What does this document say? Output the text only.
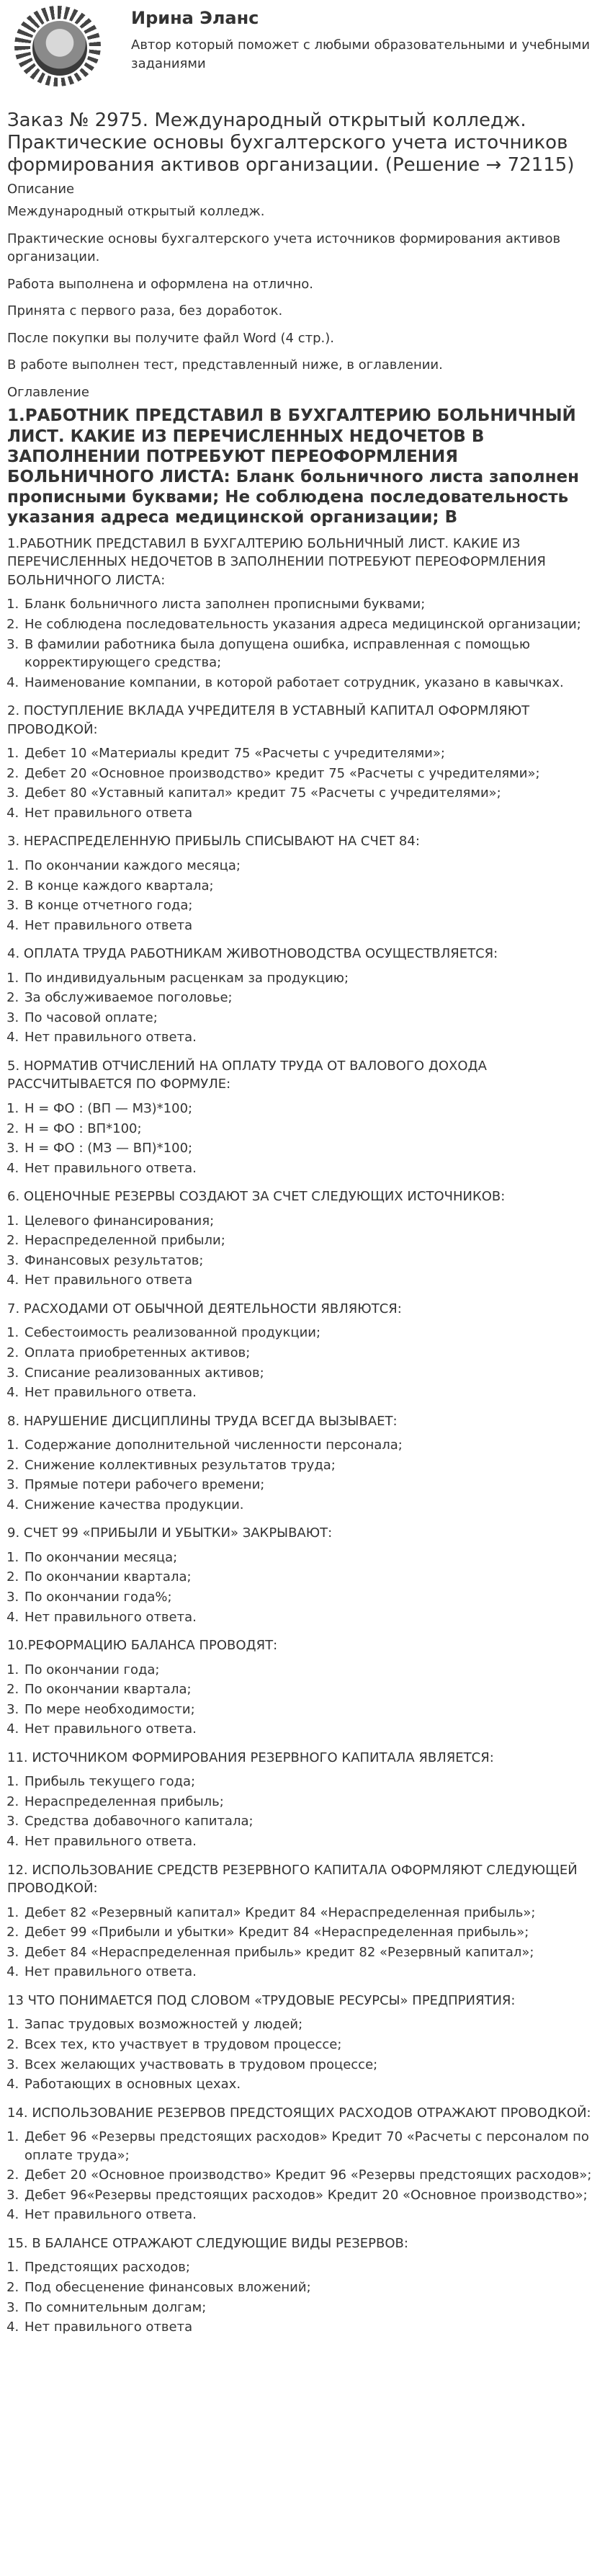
Ирина Эланс

Автор который поможет с любыми образовательными и учебными заданиями

Заказ № 2975. Международный открытый колледж. Практические основы бухгалтерского учета источников формирования активов организации. (Решение → 72115)
Описание

Международный открытый колледж.

Практические основы бухгалтерского учета источников формирования активов организации.

Работа выполнена и оформлена на отлично.

Принята с первого раза, без доработок.

После покупки вы получите файл Word (4 стр.).

В работе выполнен тест, представленный ниже, в оглавлении.

Оглавление
1.РАБОТНИК ПРЕДСТАВИЛ В БУХГАЛТЕРИЮ БОЛЬНИЧНЫЙ ЛИСТ. КАКИЕ ИЗ ПЕРЕЧИСЛЕННЫХ НЕДОЧЕТОВ В ЗАПОЛНЕНИИ ПОТРЕБУЮТ ПЕРЕОФОРМЛЕНИЯ БОЛЬНИЧНОГО ЛИСТА: Бланк больничного листа заполнен прописными буквами; Не соблюдена последовательность указания адреса медицинской организации; В

1.РАБОТНИК ПРЕДСТАВИЛ В БУХГАЛТЕРИЮ БОЛЬНИЧНЫЙ ЛИСТ. КАКИЕ ИЗ ПЕРЕЧИСЛЕННЫХ НЕДОЧЕТОВ В ЗАПОЛНЕНИИ ПОТРЕБУЮТ ПЕРЕОФОРМЛЕНИЯ БОЛЬНИЧНОГО ЛИСТА:

1. Бланк больничного листа заполнен прописными буквами;
2. Не соблюдена последовательность указания адреса медицинской организации;
3. В фамилии работника была допущена ошибка, исправленная с помощью корректирующего средства;
4. Наименование компании, в которой работает сотрудник, указано в кавычках.

2. ПОСТУПЛЕНИЕ ВКЛАДА УЧРЕДИТЕЛЯ В УСТАВНЫЙ КАПИТАЛ ОФОРМЛЯЮТ ПРОВОДКОЙ:

1. Дебет 10 «Материалы кредит 75 «Расчеты с учредителями»;
2. Дебет 20 «Основное производство» кредит 75 «Расчеты с учредителями»;
3. Дебет 80 «Уставный капитал» кредит 75 «Расчеты с учредителями»;
4. Нет правильного ответа

3. НЕРАСПРЕДЕЛЕННУЮ ПРИБЫЛЬ СПИСЫВАЮТ НА СЧЕТ 84:

1. По окончании каждого месяца;
2. В конце каждого квартала;
3. В конце отчетного года;
4. Нет правильного ответа

4. ОПЛАТА ТРУДА РАБОТНИКАМ ЖИВОТНОВОДСТВА ОСУЩЕСТВЛЯЕТСЯ:

1. По индивидуальным расценкам за продукцию;
2. За обслуживаемое поголовье;
3. По часовой оплате;
4. Нет правильного ответа.

5. НОРМАТИВ ОТЧИСЛЕНИЙ НА ОПЛАТУ ТРУДА ОТ ВАЛОВОГО ДОХОДА РАССЧИТЫВАЕТСЯ ПО ФОРМУЛЕ:

1. Н = ФО : (ВП — МЗ)*100;
2. Н = ФО : ВП*100;
3. Н = ФО : (МЗ — ВП)*100;
4. Нет правильного ответа.

6. ОЦЕНОЧНЫЕ РЕЗЕРВЫ СОЗДАЮТ ЗА СЧЕТ СЛЕДУЮЩИХ ИСТОЧНИКОВ:

1. Целевого финансирования;
2. Нераспределенной прибыли;
3. Финансовых результатов;
4. Нет правильного ответа

7. РАСХОДАМИ ОТ ОБЫЧНОЙ ДЕЯТЕЛЬНОСТИ ЯВЛЯЮТСЯ:

1. Себестоимость реализованной продукции;
2. Оплата приобретенных активов;
3. Списание реализованных активов;
4. Нет правильного ответа.

8. НАРУШЕНИЕ ДИСЦИПЛИНЫ ТРУДА ВСЕГДА ВЫЗЫВАЕТ:

1. Содержание дополнительной численности персонала;
2. Снижение коллективных результатов труда;
3. Прямые потери рабочего времени;
4. Снижение качества продукции.

9. СЧЕТ 99 «ПРИБЫЛИ И УБЫТКИ» ЗАКРЫВАЮТ:

1. По окончании месяца;
2. По окончании квартала;
3. По окончании года%;
4. Нет правильного ответа.

10.РЕФОРМАЦИЮ БАЛАНСА ПРОВОДЯТ:

1. По окончании года;
2. По окончании квартала;
3. По мере необходимости;
4. Нет правильного ответа.

11. ИСТОЧНИКОМ ФОРМИРОВАНИЯ РЕЗЕРВНОГО КАПИТАЛА ЯВЛЯЕТСЯ:

1. Прибыль текущего года;
2. Нераспределенная прибыль;
3. Средства добавочного капитала;
4. Нет правильного ответа.

12. ИСПОЛЬЗОВАНИЕ СРЕДСТВ РЕЗЕРВНОГО КАПИТАЛА ОФОРМЛЯЮТ СЛЕДУЮЩЕЙ ПРОВОДКОЙ:

1. Дебет 82 «Резервный капитал» Кредит 84 «Нераспределенная прибыль»;
2. Дебет 99 «Прибыли и убытки» Кредит 84 «Нераспределенная прибыль»;
3. Дебет 84 «Нераспределенная прибыль» кредит 82 «Резервный капитал»;
4. Нет правильного ответа.

13 ЧТО ПОНИМАЕТСЯ ПОД СЛОВОМ «ТРУДОВЫЕ РЕСУРСЫ» ПРЕДПРИЯТИЯ:

1. Запас трудовых возможностей у людей;
2. Всех тех, кто участвует в трудовом процессе;
3. Всех желающих участвовать в трудовом процессе;
4. Работающих в основных цехах.

14. ИСПОЛЬЗОВАНИЕ РЕЗЕРВОВ ПРЕДСТОЯЩИХ РАСХОДОВ ОТРАЖАЮТ ПРОВОДКОЙ:

1. Дебет 96 «Резервы предстоящих расходов» Кредит 70 «Расчеты с персоналом по оплате труда»;
2. Дебет 20 «Основное производство» Кредит 96 «Резервы предстоящих расходов»;
3. Дебет 96«Резервы предстоящих расходов» Кредит 20 «Основное производство»;
4. Нет правильного ответа.

15. В БАЛАНСЕ ОТРАЖАЮТ СЛЕДУЮЩИЕ ВИДЫ РЕЗЕРВОВ:

1. Предстоящих расходов;
2. Под обесценение финансовых вложений;
3. По сомнительным долгам;
4. Нет правильного ответа
